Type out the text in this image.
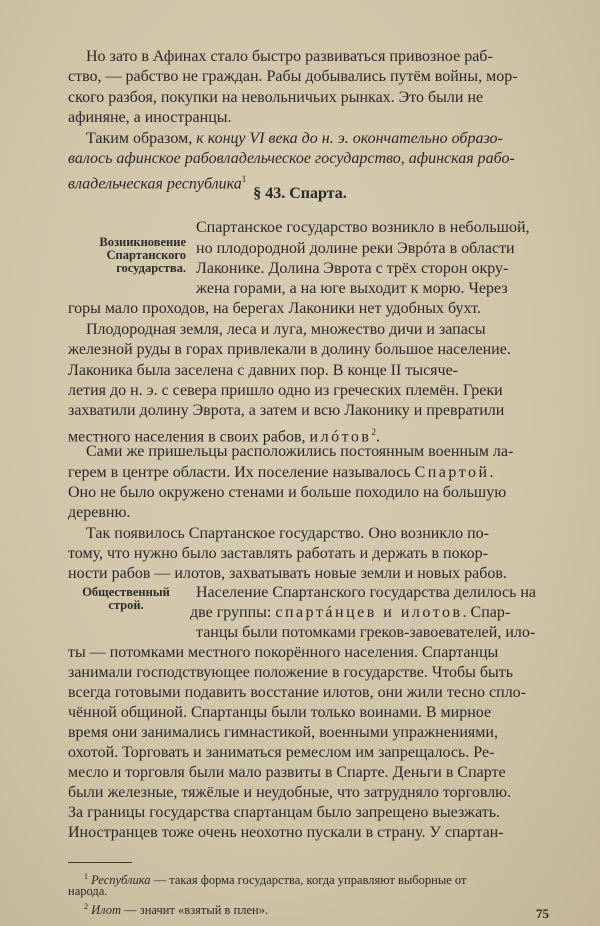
Но зато в Афинах стало быстро развиваться привозное раб-
ство, — рабство не граждан. Рабы добывались путём войны, мор-
ского разбоя, покупки на невольничьих рынках. Это были не
афиняне, а иностранцы.
Таким образом, к концу VI века до н. э. окончательно образо-
валось афинское рабовладельческое государство, афинская рабо-
владельческая республика$^1$
§ 43. Спарта.
Возникновение
Спартанского
государства.
Спартанское государство возникло в небольшой,
но плодородной долине реки Эврóта в области
Лаконике. Долина Эврота с трёх сторон окру-
жена горами, а на юге выходит к морю. Через
горы мало проходов, на берегах Лаконики нет удобных бухт.
Плодородная земля, леса и луга, множество дичи и запасы
железной руды в горах привлекали в долину большое население.
Лаконика была заселена с давних пор. В конце II тысяче-
летия до н. э. с севера пришло одно из греческих племён. Греки
захватили долину Эврота, а затем и всю Лаконику и превратили
местного населения в своих рабов, илóтов$^2$.
Сами же пришельцы расположились постоянным военным ла-
герем в центре области. Их поселение называлось Спартой.
Оно не было окружено стенами и больше походило на большую
деревню.
Так появилось Спартанское государство. Оно возникло по-
тому, что нужно было заставлять работать и держать в покор-
ности рабов — илотов, захватывать новые земли и новых рабов.
Общественный
строй.
Население Спартанского государства делилось на
две группы: спартáнцев и илотов. Спар-
танцы были потомками греков-завоевателей, ило-
ты — потомками местного покорённого населения. Спартанцы
занимали господствующее положение в государстве. Чтобы быть
всегда готовыми подавить восстание илотов, они жили тесно спло-
чённой общиной. Спартанцы были только воинами. В мирное
время они занимались гимнастикой, военными упражнениями,
охотой. Торговать и заниматься ремеслом им запрещалось. Ре-
месло и торговля были мало развиты в Спарте. Деньги в Спарте
были железные, тяжёлые и неудобные, что затрудняло торговлю.
За границы государства спартанцам было запрещено выезжать.
Иностранцев тоже очень неохотно пускали в страну. У спартан-
$^1$ Республика — такая форма государства, когда управляют выборные от
народа.
$^2$ Илот — значит «взятый в плен».	75
